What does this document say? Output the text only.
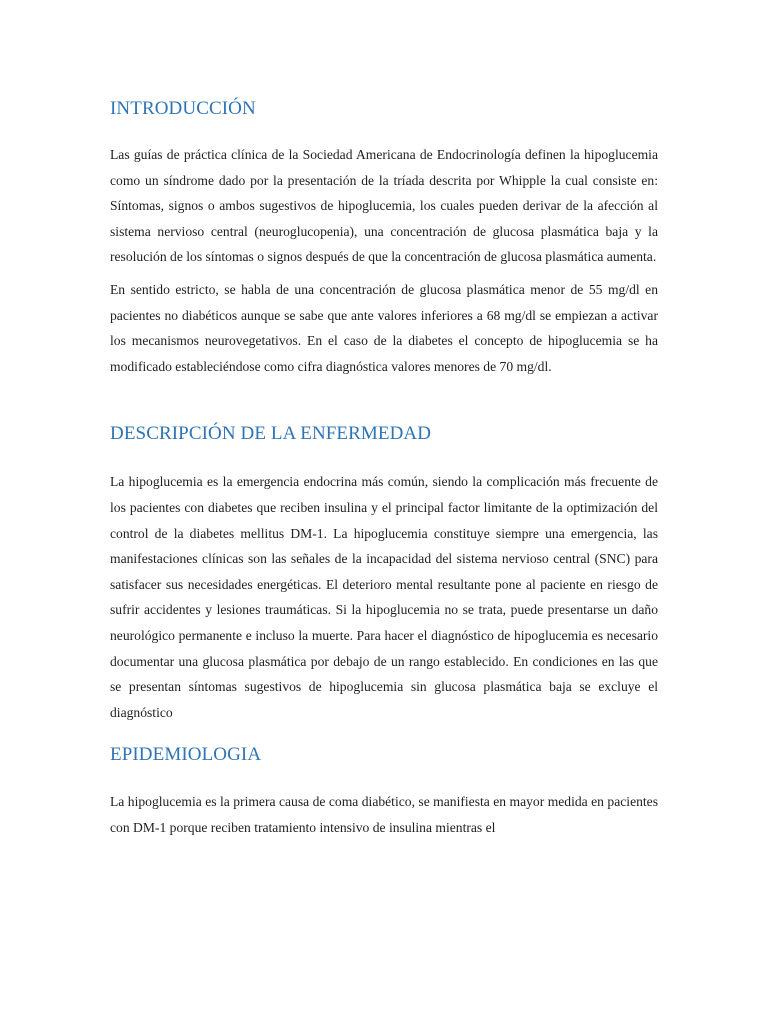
INTRODUCCIÓN

Las guías de práctica clínica de la Sociedad Americana de Endocrinología definen la hipoglucemia como un síndrome dado por la presentación de la tríada descrita por Whipple la cual consiste en: Síntomas, signos o ambos sugestivos de hipoglucemia, los cuales pueden derivar de la afección al sistema nervioso central (neuroglucopenia), una concentración de glucosa plasmática baja y la resolución de los síntomas o signos después de que la concentración de glucosa plasmática aumenta.

En sentido estricto, se habla de una concentración de glucosa plasmática menor de 55 mg/dl en pacientes no diabéticos aunque se sabe que ante valores inferiores a 68 mg/dl se empiezan a activar los mecanismos neurovegetativos. En el caso de la diabetes el concepto de hipoglucemia se ha modificado estableciéndose como cifra diagnóstica valores menores de 70 mg/dl.

DESCRIPCIÓN DE LA ENFERMEDAD

La hipoglucemia es la emergencia endocrina más común, siendo la complicación más frecuente de los pacientes con diabetes que reciben insulina y el principal factor limitante de la optimización del control de la diabetes mellitus DM-1. La hipoglucemia constituye siempre una emergencia, las manifestaciones clínicas son las señales de la incapacidad del sistema nervioso central (SNC) para satisfacer sus necesidades energéticas. El deterioro mental resultante pone al paciente en riesgo de sufrir accidentes y lesiones traumáticas. Si la hipoglucemia no se trata, puede presentarse un daño neurológico permanente e incluso la muerte. Para hacer el diagnóstico de hipoglucemia es necesario documentar una glucosa plasmática por debajo de un rango establecido. En condiciones en las que se presentan síntomas sugestivos de hipoglucemia sin glucosa plasmática baja se excluye el diagnóstico

EPIDEMIOLOGIA

La hipoglucemia es la primera causa de coma diabético, se manifiesta en mayor medida en pacientes con DM-1 porque reciben tratamiento intensivo de insulina mientras el
